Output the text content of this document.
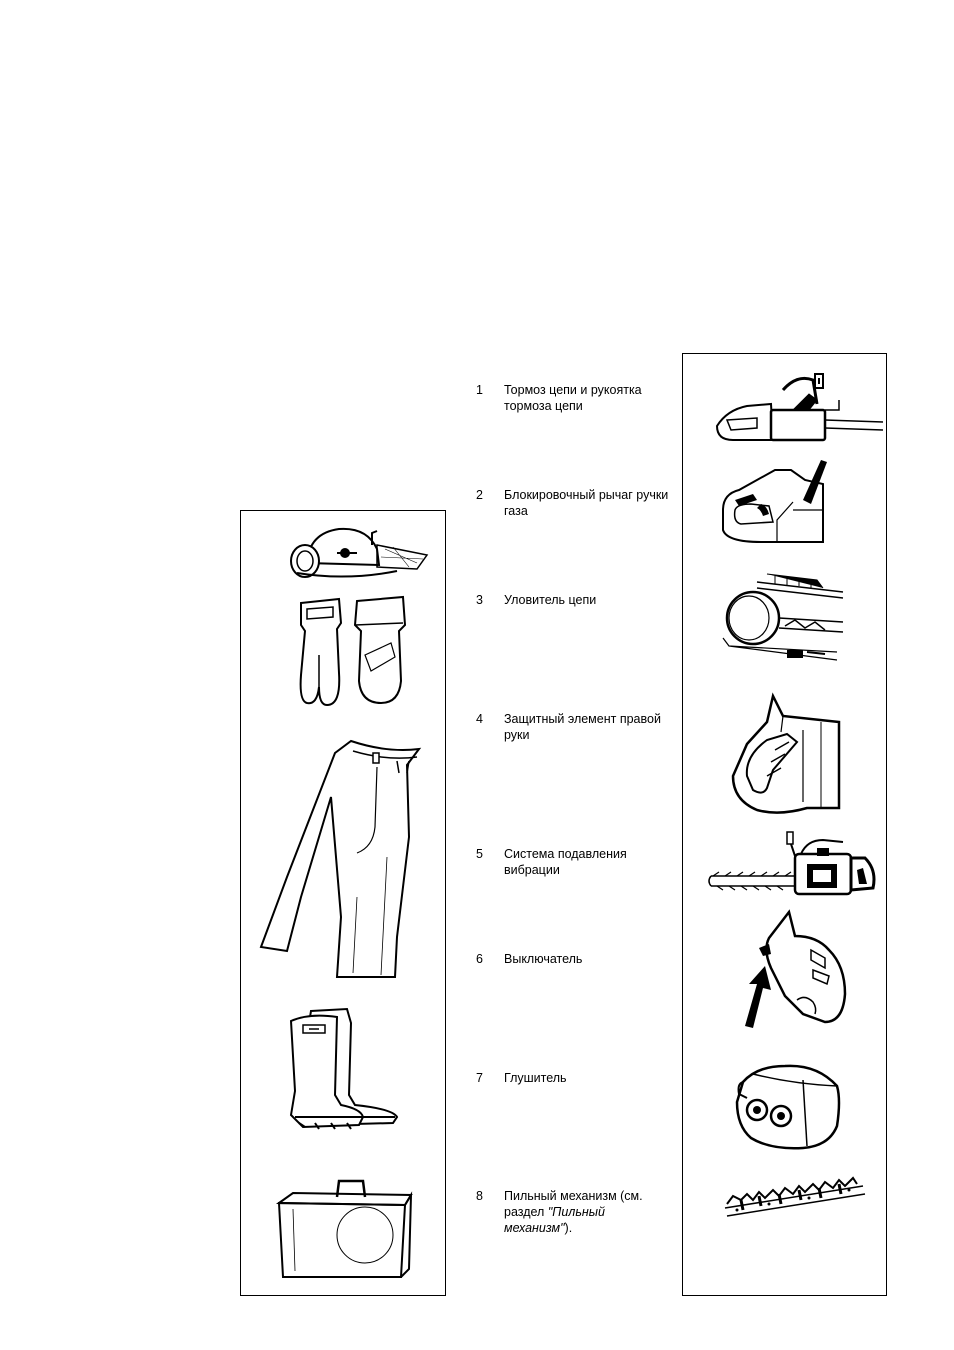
1	Тормоз цепи и рукоятка тормоза цепи
2	Блокировочный рычаг ручки газа
3	Уловитель цепи
4	Защитный элемент правой руки
5	Система подавления вибрации
6	Выключатель
7	Глушитель
8	Пильный механизм (см. раздел "Пильный механизм").
